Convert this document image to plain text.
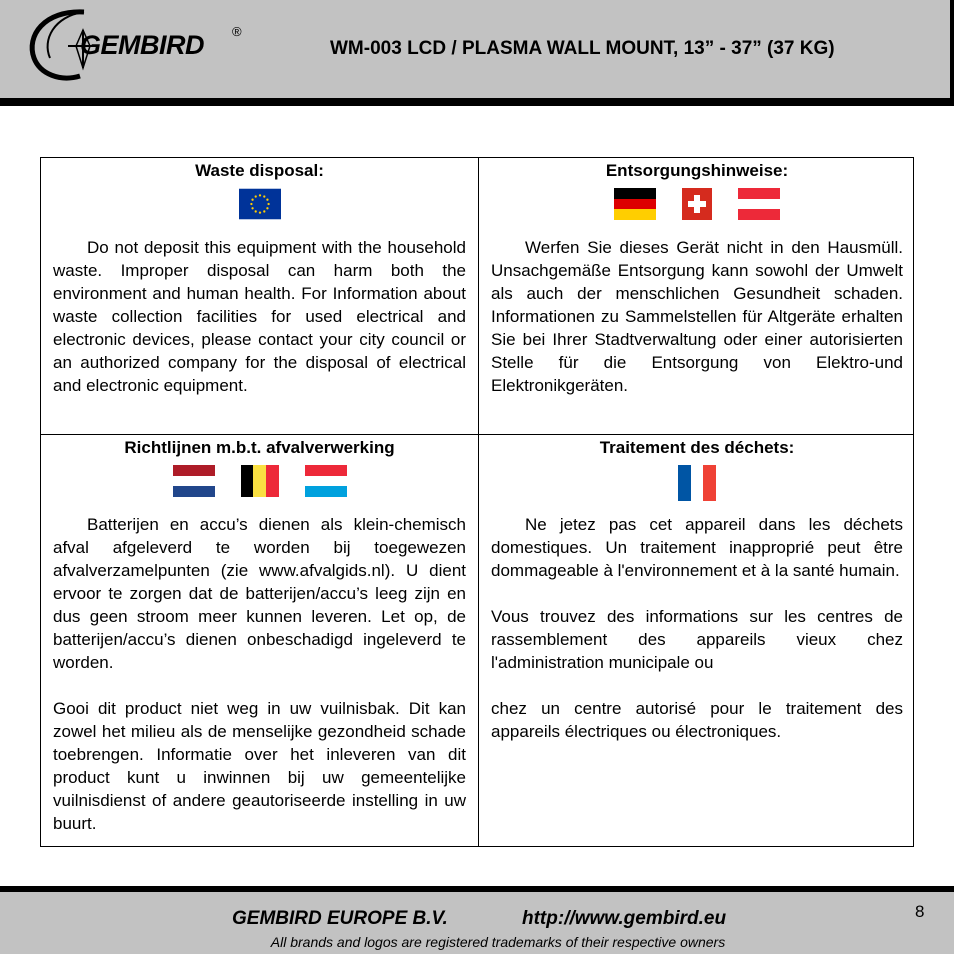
GEMBIRD ®
WM-003 LCD / PLASMA WALL MOUNT, 13” - 37” (37 KG)
Waste disposal:

Do not deposit this equipment with the household waste. Improper disposal can harm both the environment and human health. For Information about waste collection facilities for used electrical and electronic devices, please contact your city council or an authorized company for the disposal of electrical and electronic equipment.

Entsorgungshinweise:

Werfen Sie dieses Gerät nicht in den Hausmüll. Unsachgemäße Entsorgung kann sowohl der Umwelt als auch der menschlichen Gesundheit schaden. Informationen zu Sammelstellen für Altgeräte erhalten Sie bei Ihrer Stadtverwaltung oder einer autorisierten Stelle für die Entsorgung von Elektro-und Elektronikgeräten.

Richtlijnen m.b.t. afvalverwerking

Batterijen en accu’s dienen als klein-chemisch afval afgeleverd te worden bij toegewezen afvalverzamelpunten (zie www.afvalgids.nl). U dient ervoor te zorgen dat de batterijen/accu’s leeg zijn en dus geen stroom meer kunnen leveren. Let op, de batterijen/accu’s dienen onbeschadigd ingeleverd te worden.

Gooi dit product niet weg in uw vuilnisbak. Dit kan zowel het milieu als de menselijke gezondheid schade toebrengen. Informatie over het inleveren van dit product kunt u inwinnen bij uw gemeentelijke vuilnisdienst of andere geautoriseerde instelling in uw buurt.

Traitement des déchets:

Ne jetez pas cet appareil dans les déchets domestiques. Un traitement inapproprié peut être dommageable à l'environnement et à la santé humain.

Vous trouvez des informations sur les centres de rassemblement des appareils vieux chez l'administration municipale ou

chez un centre autorisé pour le traitement des appareils électriques ou électroniques.

GEMBIRD EUROPE B.V.	http://www.gembird.eu
All brands and logos are registered trademarks of their respective owners
8
